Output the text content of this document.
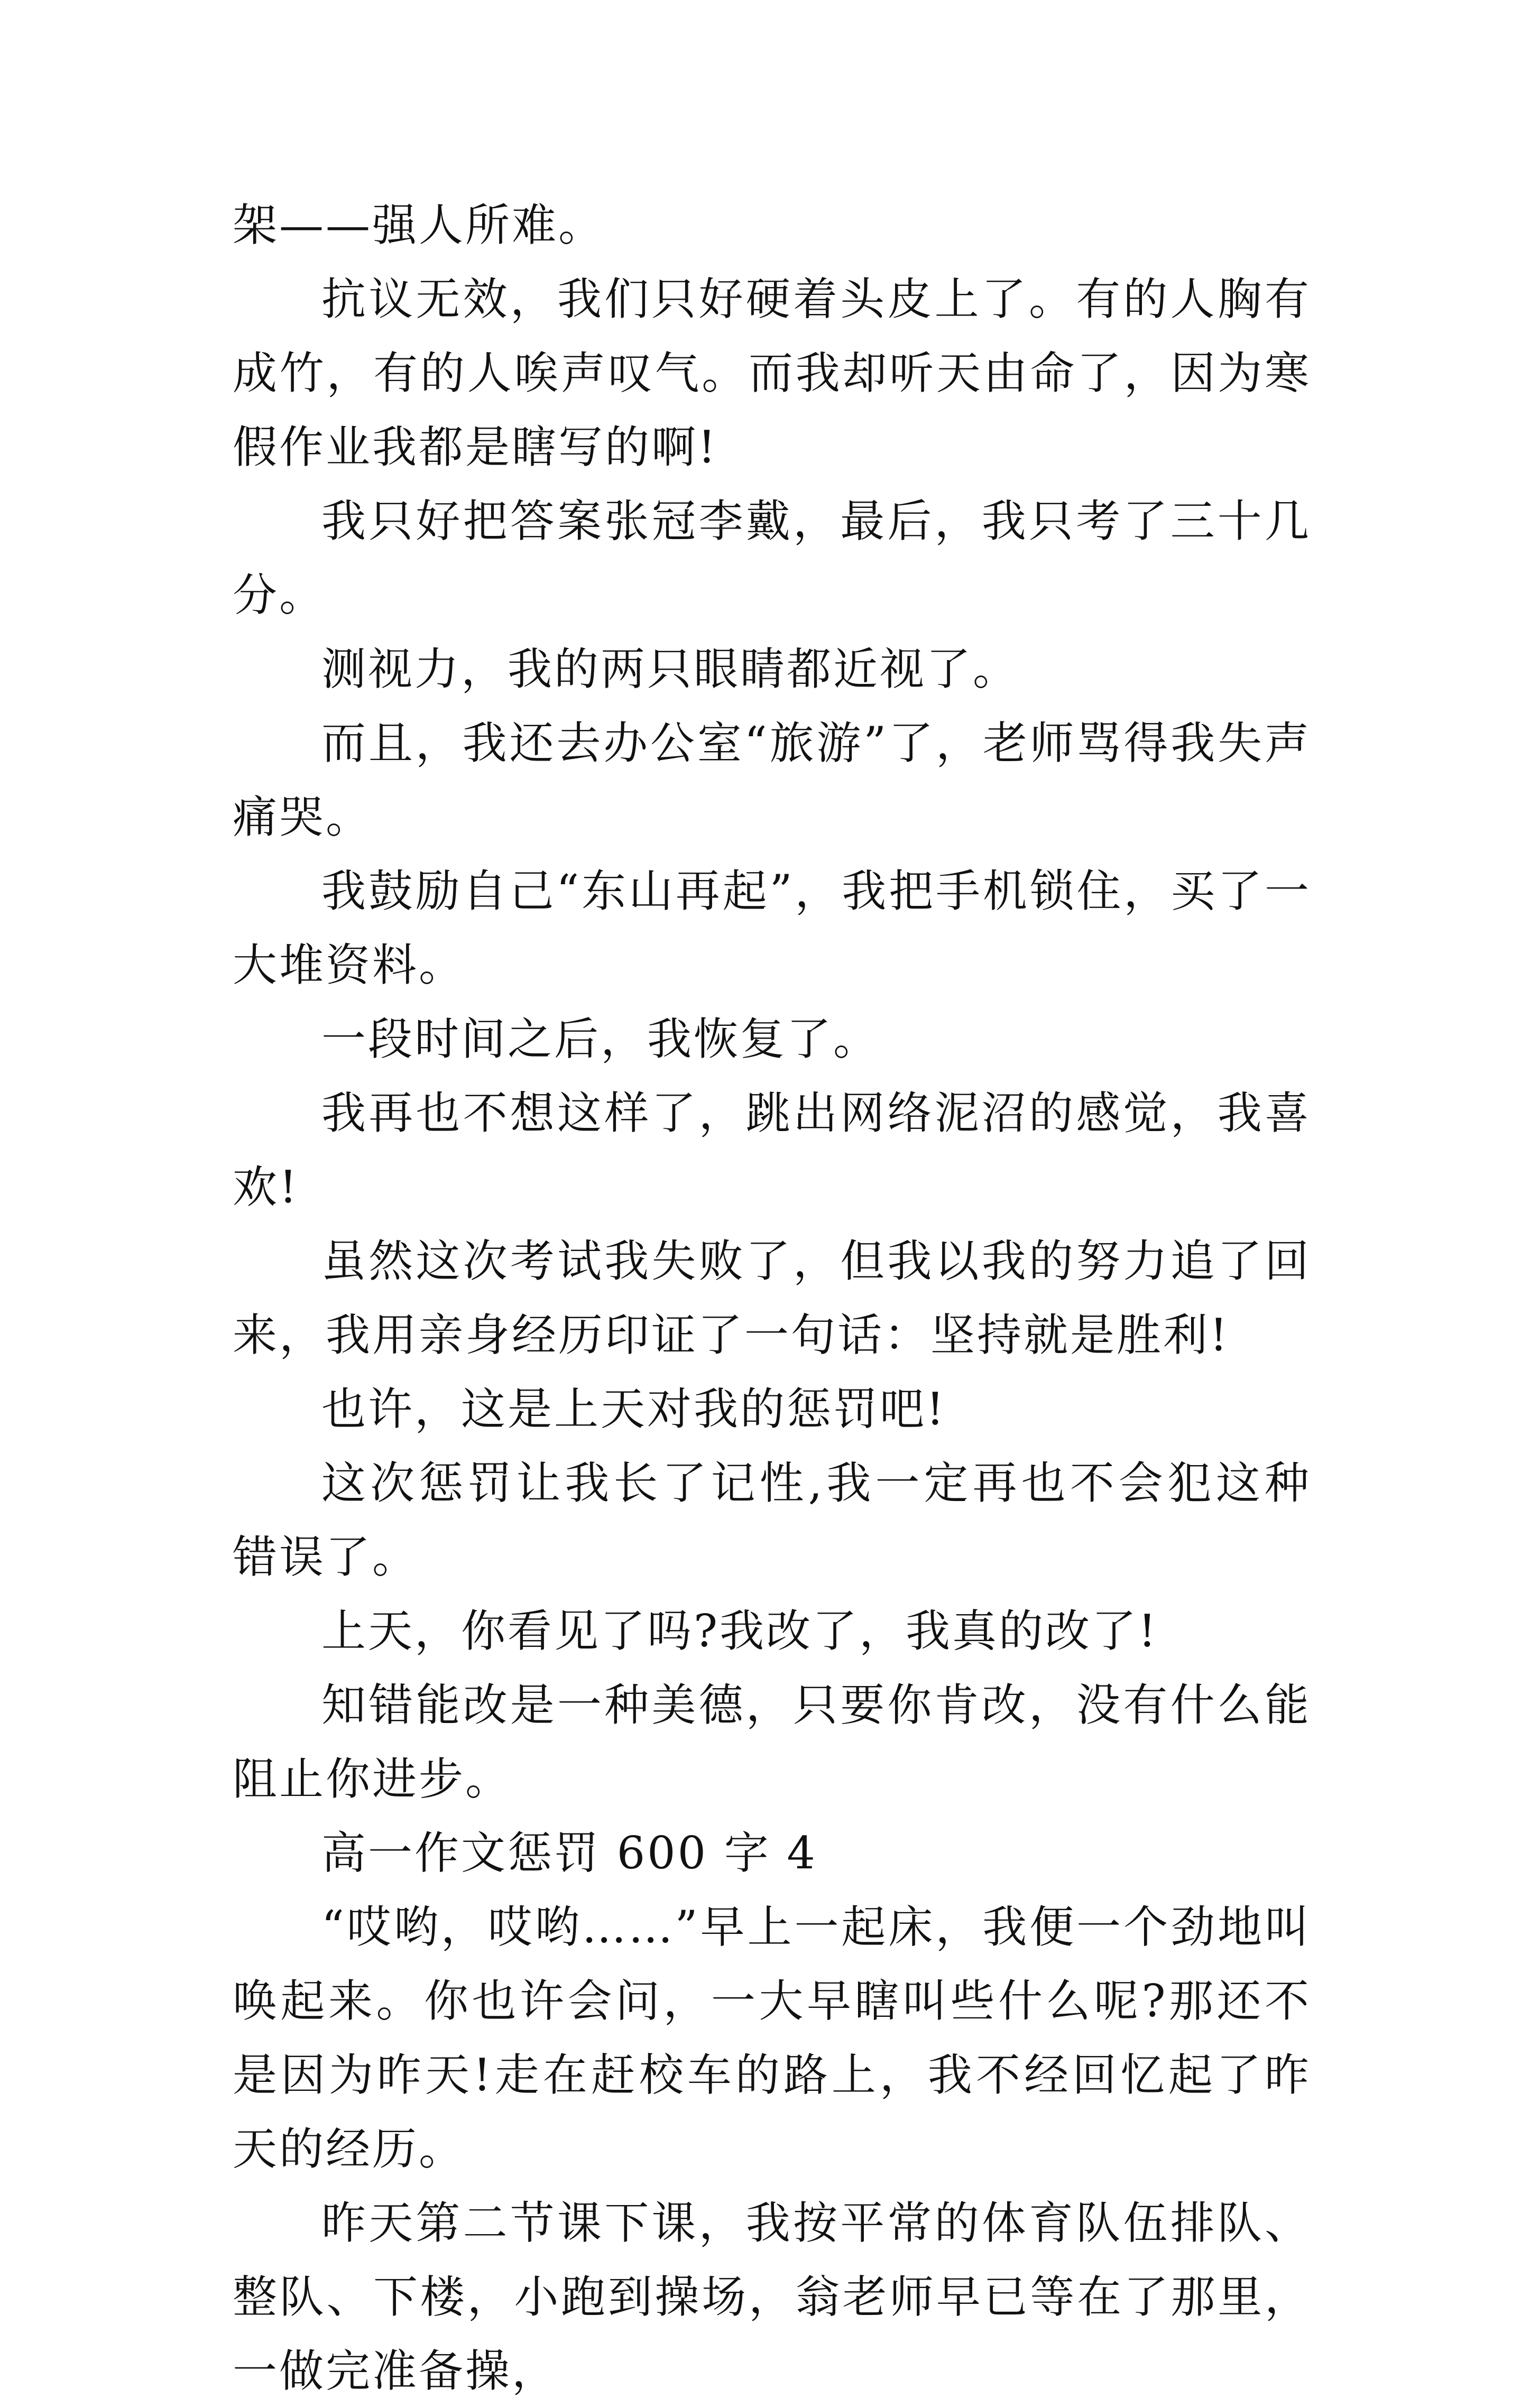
架——强人所难。

抗议无效，我们只好硬着头皮上了。有的人胸有成竹，有的人唉声叹气。而我却听天由命了，因为寒假作业我都是瞎写的啊!

我只好把答案张冠李戴，最后，我只考了三十几分。

测视力，我的两只眼睛都近视了。

而且，我还去办公室“旅游”了，老师骂得我失声痛哭。

我鼓励自己“东山再起”，我把手机锁住，买了一大堆资料。

一段时间之后，我恢复了。

我再也不想这样了，跳出网络泥沼的感觉，我喜欢!

虽然这次考试我失败了，但我以我的努力追了回来，我用亲身经历印证了一句话：坚持就是胜利!

也许，这是上天对我的惩罚吧!

这次惩罚让我长了记性,我一定再也不会犯这种错误了。

上天，你看见了吗?我改了，我真的改了!

知错能改是一种美德，只要你肯改，没有什么能阻止你进步。

高一作文惩罚 600 字 4

“哎哟，哎哟……”早上一起床，我便一个劲地叫唤起来。你也许会问，一大早瞎叫些什么呢?那还不是因为昨天!走在赶校车的路上，我不经回忆起了昨天的经历。

昨天第二节课下课，我按平常的体育队伍排队、整队、下楼，小跑到操场，翁老师早已等在了那里，一做完准备操，
